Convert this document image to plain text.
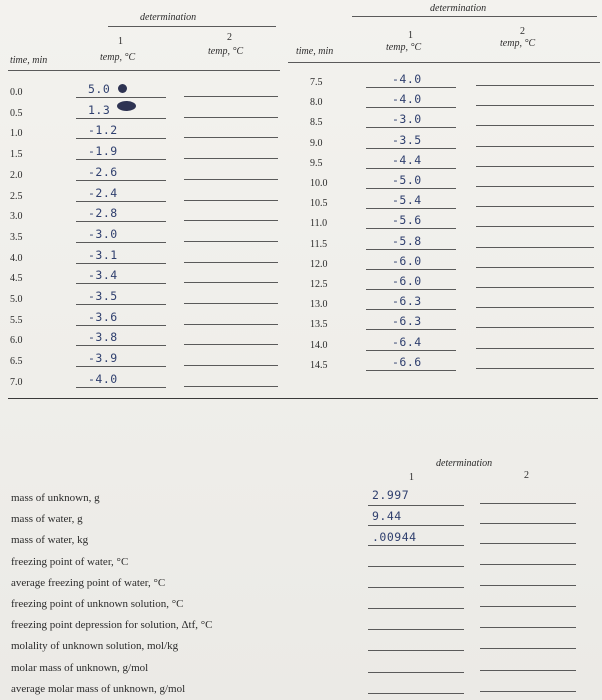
determination
1	2
time, min	temp, °C
temp, °C
determination
1	2
time, min	temp, °C	temp, °C
0.0	5.0
0.5	1.3
1.0	-1.2
1.5	-1.9
2.0	-2.6
2.5	-2.4
3.0	-2.8
3.5	-3.0
4.0	-3.1
4.5	-3.4
5.0	-3.5
5.5	-3.6
6.0	-3.8
6.5	-3.9
7.0	-4.0
7.5	-4.0
8.0	-4.0
8.5	-3.0
9.0	-3.5
9.5	-4.4
10.0	-5.0
10.5	-5.4
11.0	-5.6
11.5	-5.8
12.0	-6.0
12.5	-6.0
13.0	-6.3
13.5	-6.3
14.0	-6.4
14.5	-6.6
determination
1	2
mass of unknown, g	2.997
mass of water, g	9.44
mass of water, kg	.00944
freezing point of water, °C
average freezing point of water, °C
freezing point of unknown solution, °C
freezing point depression for solution, Δtf, °C
molality of unknown solution, mol/kg
molar mass of unknown, g/mol
average molar mass of unknown, g/mol
